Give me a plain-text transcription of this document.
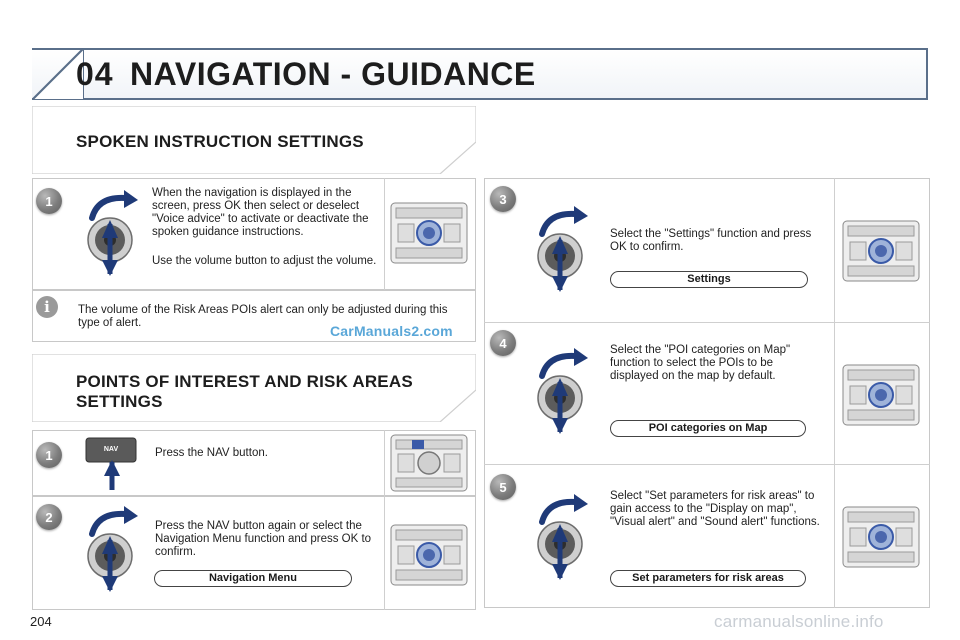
04 NAVIGATION - GUIDANCE
SPOKEN INSTRUCTION SETTINGS
1
When the navigation is displayed in the screen, press OK then select or deselect "Voice advice" to activate or deactivate the spoken guidance instructions.
Use the volume button to adjust the volume.
i	The volume of the Risk Areas POIs alert can only be adjusted during this type of alert.	CarManuals2.com
POINTS OF INTEREST AND RISK AREAS
SETTINGS
1	NAV	Press the NAV button.
2
Press the NAV button again or select the Navigation Menu function and press OK to confirm.
Navigation Menu
3
Select the "Settings" function and press OK to confirm.
Settings
4	Select the "POI categories on Map" function to select the POIs to be displayed on the map by default.
POI categories on Map
5
Select "Set parameters for risk areas" to gain access to the "Display on map", "Visual alert" and "Sound alert" functions.
Set parameters for risk areas
204	carmanualsonline.info
